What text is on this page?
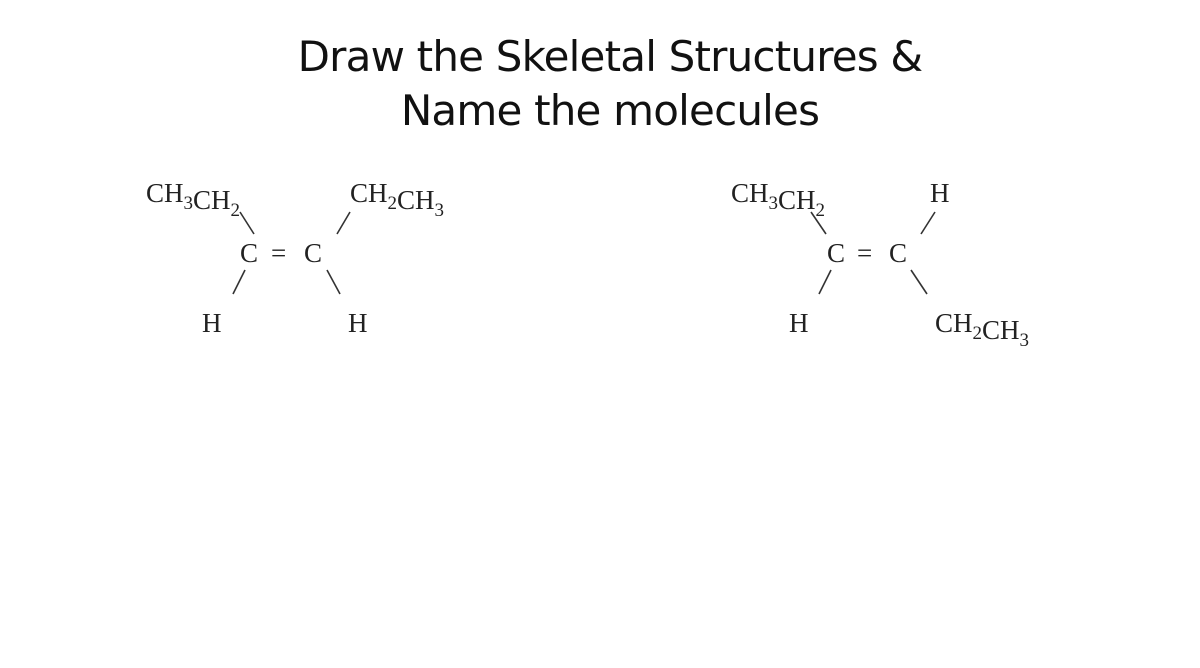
Draw the Skeletal Structures &
Name the molecules
$CH_3CH_2$
$CH_2CH_3$
C = C
H	H
$CH_3CH_2$
H
C = C
H	$CH_2CH_3$
